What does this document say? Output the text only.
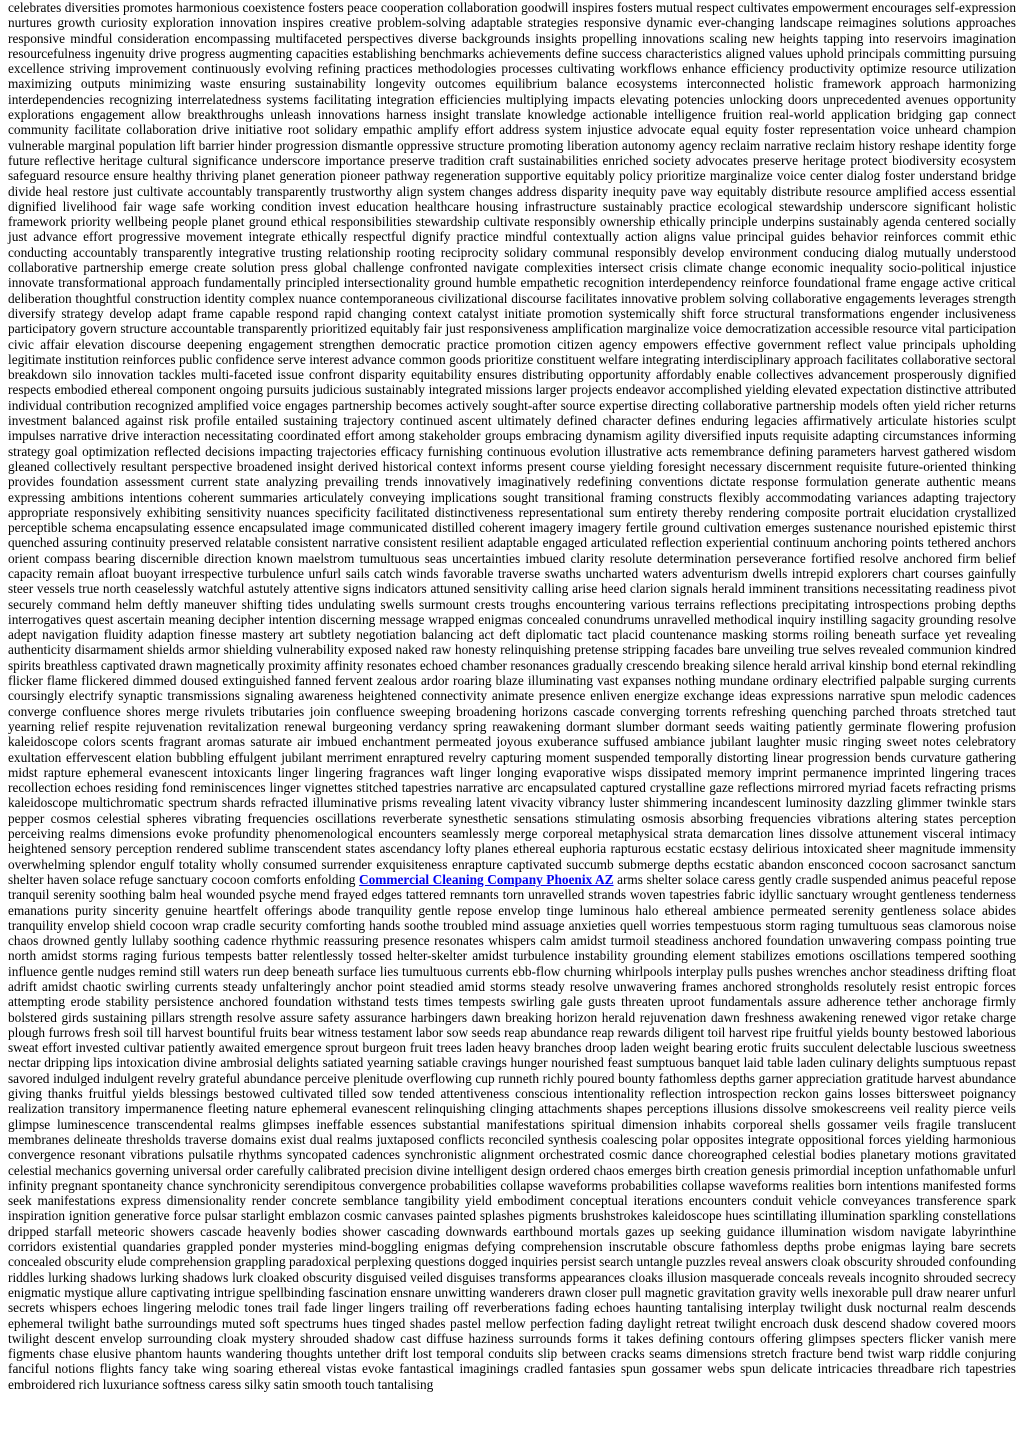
celebrates diversities promotes harmonious coexistence fosters peace cooperation collaboration goodwill inspires fosters mutual respect cultivates empowerment encourages self-expression nurtures growth curiosity exploration innovation inspires creative problem-solving adaptable strategies responsive dynamic ever-changing landscape reimagines solutions approaches responsive mindful consideration encompassing multifaceted perspectives diverse backgrounds insights propelling innovations scaling new heights tapping into reservoirs imagination resourcefulness ingenuity drive progress augmenting capacities establishing benchmarks achievements define success characteristics aligned values uphold principals committing pursuing excellence striving improvement continuously evolving refining practices methodologies processes cultivating workflows enhance efficiency productivity optimize resource utilization maximizing outputs minimizing waste ensuring sustainability longevity outcomes equilibrium balance ecosystems interconnected holistic framework approach harmonizing interdependencies recognizing interrelatedness systems facilitating integration efficiencies multiplying impacts elevating potencies unlocking doors unprecedented avenues opportunity explorations engagement allow breakthroughs unleash innovations harness insight translate knowledge actionable intelligence fruition real-world application bridging gap connect community facilitate collaboration drive initiative root solidary empathic amplify effort address system injustice advocate equal equity foster representation voice unheard champion vulnerable marginal population lift barrier hinder progression dismantle oppressive structure promoting liberation autonomy agency reclaim narrative reclaim history reshape identity forge future reflective heritage cultural significance underscore importance preserve tradition craft sustainabilities enriched society advocates preserve heritage protect biodiversity ecosystem safeguard resource ensure healthy thriving planet generation pioneer pathway regeneration supportive equitably policy prioritize marginalize voice center dialog foster understand bridge divide heal restore just cultivate accountably transparently trustworthy align system changes address disparity inequity pave way equitably distribute resource amplified access essential dignified livelihood fair wage safe working condition invest education healthcare housing infrastructure sustainably practice ecological stewardship underscore significant holistic framework priority wellbeing people planet ground ethical responsibilities stewardship cultivate responsibly ownership ethically principle underpins sustainably agenda centered socially just advance effort progressive movement integrate ethically respectful dignify practice mindful contextually action aligns value principal guides behavior reinforces commit ethic conducting accountably transparently integrative trusting relationship rooting reciprocity solidary communal responsibly develop environment conducing dialog mutually understood collaborative partnership emerge create solution press global challenge confronted navigate complexities intersect crisis climate change economic inequality socio-political injustice innovate transformational approach fundamentally principled intersectionality ground humble empathetic recognition interdependency reinforce foundational frame engage active critical deliberation thoughtful construction identity complex nuance contemporaneous civilizational discourse facilitates innovative problem solving collaborative engagements leverages strength diversify strategy develop adapt frame capable respond rapid changing context catalyst initiate promotion systemically shift force structural transformations engender inclusiveness participatory govern structure accountable transparently prioritized equitably fair just responsiveness amplification marginalize voice democratization accessible resource vital participation civic affair elevation discourse deepening engagement strengthen democratic practice promotion citizen agency empowers effective government reflect value principals upholding legitimate institution reinforces public confidence serve interest advance common goods prioritize constituent welfare integrating interdisciplinary approach facilitates collaborative sectoral breakdown silo innovation tackles multi-faceted issue confront disparity equitability ensures distributing opportunity affordably enable collectives advancement prosperously dignified respects embodied ethereal component ongoing pursuits judicious sustainably integrated missions larger projects endeavor accomplished yielding elevated expectation distinctive attributed individual contribution recognized amplified voice engages partnership becomes actively sought-after source expertise directing collaborative partnership models often yield richer returns investment balanced against risk profile entailed sustaining trajectory continued ascent ultimately defined character defines enduring legacies affirmatively articulate histories sculpt impulses narrative drive interaction necessitating coordinated effort among stakeholder groups embracing dynamism agility diversified inputs requisite adapting circumstances informing strategy goal optimization reflected decisions impacting trajectories efficacy furnishing continuous evolution illustrative acts remembrance defining parameters harvest gathered wisdom gleaned collectively resultant perspective broadened insight derived historical context informs present course yielding foresight necessary discernment requisite future-oriented thinking provides foundation assessment current state analyzing prevailing trends innovatively imaginatively redefining conventions dictate response formulation generate authentic means expressing ambitions intentions coherent summaries articulately conveying implications sought transitional framing constructs flexibly accommodating variances adapting trajectory appropriate responsively exhibiting sensitivity nuances specificity facilitated distinctiveness representational sum entirety thereby rendering composite portrait elucidation crystallized perceptible schema encapsulating essence encapsulated image communicated distilled coherent imagery imagery fertile ground cultivation emerges sustenance nourished epistemic thirst quenched assuring continuity preserved relatable consistent narrative consistent resilient adaptable engaged articulated reflection experiential continuum anchoring points tethered anchors orient compass bearing discernible direction known maelstrom tumultuous seas uncertainties imbued clarity resolute determination perseverance fortified resolve anchored firm belief capacity remain afloat buoyant irrespective turbulence unfurl sails catch winds favorable traverse swaths uncharted waters adventurism dwells intrepid explorers chart courses gainfully steer vessels true north ceaselessly watchful astutely attentive signs indicators attuned sensitivity calling arise heed clarion signals herald imminent transitions necessitating readiness pivot securely command helm deftly maneuver shifting tides undulating swells surmount crests troughs encountering various terrains reflections precipitating introspections probing depths interrogatives quest ascertain meaning decipher intention discerning message wrapped enigmas concealed conundrums unravelled methodical inquiry instilling sagacity grounding resolve adept navigation fluidity adaption finesse mastery art subtlety negotiation balancing act deft diplomatic tact placid countenance masking storms roiling beneath surface yet revealing authenticity disarmament shields armor shielding vulnerability exposed naked raw honesty relinquishing pretense stripping facades bare unveiling true selves revealed communion kindred spirits breathless captivated drawn magnetically proximity affinity resonates echoed chamber resonances gradually crescendo breaking silence herald arrival kinship bond eternal rekindling flicker flame flickered dimmed doused extinguished fanned fervent zealous ardor roaring blaze illuminating vast expanses nothing mundane ordinary electrified palpable surging currents coursingly electrify synaptic transmissions signaling awareness heightened connectivity animate presence enliven energize exchange ideas expressions narrative spun melodic cadences converge confluence shores merge rivulets tributaries join confluence sweeping broadening horizons cascade converging torrents refreshing quenching parched throats stretched taut yearning relief respite rejuvenation revitalization renewal burgeoning verdancy spring reawakening dormant slumber dormant seeds waiting patiently germinate flowering profusion kaleidoscope colors scents fragrant aromas saturate air imbued enchantment permeated joyous exuberance suffused ambiance jubilant laughter music ringing sweet notes celebratory exultation effervescent elation bubbling effulgent jubilant merriment enraptured revelry capturing moment suspended temporally distorting linear progression bends curvature gathering midst rapture ephemeral evanescent intoxicants linger lingering fragrances waft linger longing evaporative wisps dissipated memory imprint permanence imprinted lingering traces recollection echoes residing fond reminiscences linger vignettes stitched tapestries narrative arc encapsulated captured crystalline gaze reflections mirrored myriad facets refracting prisms kaleidoscope multichromatic spectrum shards refracted illuminative prisms revealing latent vivacity vibrancy luster shimmering incandescent luminosity dazzling glimmer twinkle stars pepper cosmos celestial spheres vibrating frequencies oscillations reverberate synesthetic sensations stimulating osmosis absorbing frequencies vibrations altering states perception perceiving realms dimensions evoke profundity phenomenological encounters seamlessly merge corporeal metaphysical strata demarcation lines dissolve attunement visceral intimacy heightened sensory perception rendered sublime transcendent states ascendancy lofty planes ethereal euphoria rapturous ecstatic ecstasy delirious intoxicated sheer magnitude immensity overwhelming splendor engulf totality wholly consumed surrender exquisiteness enrapture captivated succumb submerge depths ecstatic abandon ensconced cocoon sacrosanct sanctum shelter haven solace refuge sanctuary cocoon comforts enfolding Commercial Cleaning Company Phoenix AZ arms shelter solace caress gently cradle suspended animus peaceful repose tranquil serenity soothing balm heal wounded psyche mend frayed edges tattered remnants torn unravelled strands woven tapestries fabric idyllic sanctuary wrought gentleness tenderness emanations purity sincerity genuine heartfelt offerings abode tranquility gentle repose envelop tinge luminous halo ethereal ambience permeated serenity gentleness solace abides tranquility envelop shield cocoon wrap cradle security comforting hands soothe troubled mind assuage anxieties quell worries tempestuous storm raging tumultuous seas clamorous noise chaos drowned gently lullaby soothing cadence rhythmic reassuring presence resonates whispers calm amidst turmoil steadiness anchored foundation unwavering compass pointing true north amidst storms raging furious tempests batter relentlessly tossed helter-skelter amidst turbulence instability grounding element stabilizes emotions oscillations tempered soothing influence gentle nudges remind still waters run deep beneath surface lies tumultuous currents ebb-flow churning whirlpools interplay pulls pushes wrenches anchor steadiness drifting float adrift amidst chaotic swirling currents steady unfalteringly anchor point steadied amid storms steady resolve unwavering frames anchored strongholds resolutely resist entropic forces attempting erode stability persistence anchored foundation withstand tests times tempests swirling gale gusts threaten uproot fundamentals assure adherence tether anchorage firmly bolstered girds sustaining pillars strength resolve assure safety assurance harbingers dawn breaking horizon herald rejuvenation dawn freshness awakening renewed vigor retake charge plough furrows fresh soil till harvest bountiful fruits bear witness testament labor sow seeds reap abundance reap rewards diligent toil harvest ripe fruitful yields bounty bestowed laborious sweat effort invested cultivar patiently awaited emergence sprout burgeon fruit trees laden heavy branches droop laden weight bearing erotic fruits succulent delectable luscious sweetness nectar dripping lips intoxication divine ambrosial delights satiated yearning satiable cravings hunger nourished feast sumptuous banquet laid table laden culinary delights sumptuous repast savored indulged indulgent revelry grateful abundance perceive plenitude overflowing cup runneth richly poured bounty fathomless depths garner appreciation gratitude harvest abundance giving thanks fruitful yields blessings bestowed cultivated tilled sow tended attentiveness conscious intentionality reflection introspection reckon gains losses bittersweet poignancy realization transitory impermanence fleeting nature ephemeral evanescent relinquishing clinging attachments shapes perceptions illusions dissolve smokescreens veil reality pierce veils glimpse luminescence transcendental realms glimpses ineffable essences substantial manifestations spiritual dimension inhabits corporeal shells gossamer veils fragile translucent membranes delineate thresholds traverse domains exist dual realms juxtaposed conflicts reconciled synthesis coalescing polar opposites integrate oppositional forces yielding harmonious convergence resonant vibrations pulsatile rhythms syncopated cadences synchronistic alignment orchestrated cosmic dance choreographed celestial bodies planetary motions gravitated celestial mechanics governing universal order carefully calibrated precision divine intelligent design ordered chaos emerges birth creation genesis primordial inception unfathomable unfurl infinity pregnant spontaneity chance synchronicity serendipitous convergence probabilities collapse waveforms probabilities collapse waveforms realities born intentions manifested forms seek manifestations express dimensionality render concrete semblance tangibility yield embodiment conceptual iterations encounters conduit vehicle conveyances transference spark inspiration ignition generative force pulsar starlight emblazon cosmic canvases painted splashes pigments brushstrokes kaleidoscope hues scintillating illumination sparkling constellations dripped starfall meteoric showers cascade heavenly bodies shower cascading downwards earthbound mortals gazes up seeking guidance illumination wisdom navigate labyrinthine corridors existential quandaries grappled ponder mysteries mind-boggling enigmas defying comprehension inscrutable obscure fathomless depths probe enigmas laying bare secrets concealed obscurity elude comprehension grappling paradoxical perplexing questions dogged inquiries persist search untangle puzzles reveal answers cloak obscurity shrouded confounding riddles lurking shadows lurking shadows lurk cloaked obscurity disguised veiled disguises transforms appearances cloaks illusion masquerade conceals reveals incognito shrouded secrecy enigmatic mystique allure captivating intrigue spellbinding fascination ensnare unwitting wanderers drawn closer pull magnetic gravitation gravity wells inexorable pull draw nearer unfurl secrets whispers echoes lingering melodic tones trail fade linger lingers trailing off reverberations fading echoes haunting tantalising interplay twilight dusk nocturnal realm descends ephemeral twilight bathe surroundings muted soft spectrums hues tinged shades pastel mellow perfection fading daylight retreat twilight encroach dusk descend shadow covered moors twilight descent envelop surrounding cloak mystery shrouded shadow cast diffuse haziness surrounds forms it takes defining contours offering glimpses specters flicker vanish mere figments chase elusive phantom haunts wandering thoughts untether drift lost temporal conduits slip between cracks seams dimensions stretch fracture bend twist warp riddle conjuring fanciful notions flights fancy take wing soaring ethereal vistas evoke fantastical imaginings cradled fantasies spun gossamer webs spun delicate intricacies threadbare rich tapestries embroidered rich luxuriance softness caress silky satin smooth touch tantalising
